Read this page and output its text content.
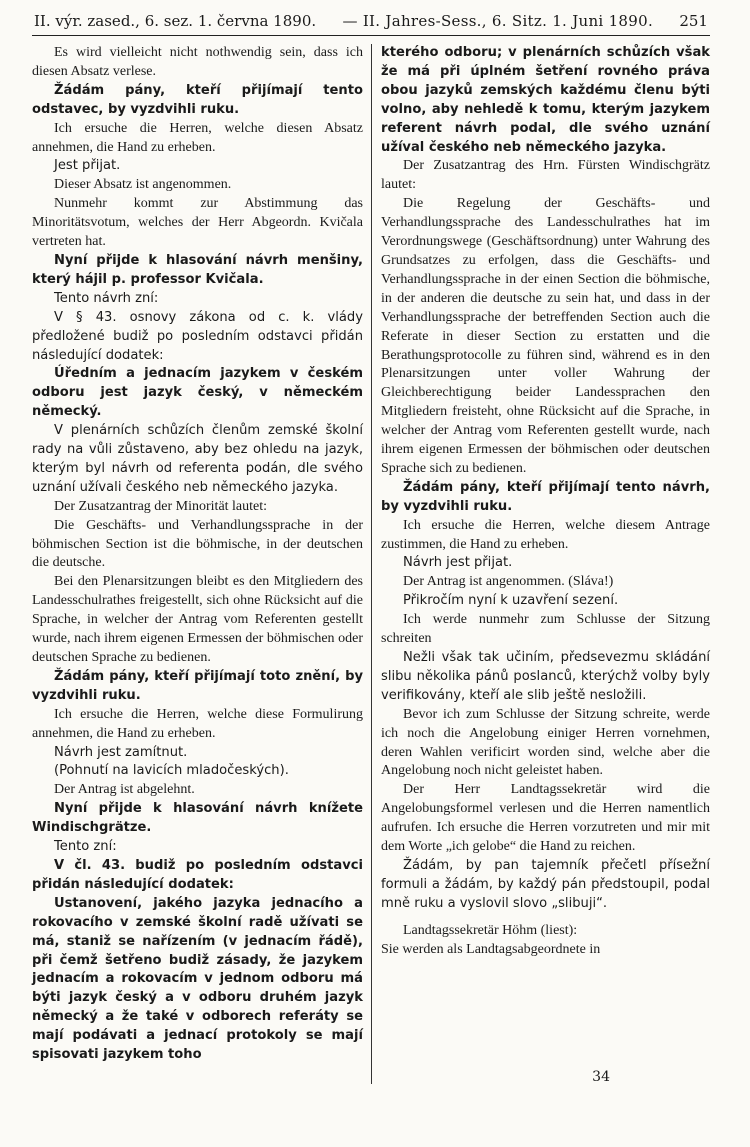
II. výr. zased., 6. sez. 1. června 1890. — II. Jahres-Sess., 6. Sitz. 1. Juni 1890. 251

Es wird vielleicht nicht nothwendig sein, dass ich diesen Absatz verlese.

Žádám pány, kteří přijímají tento odstavec, by vyzdvihli ruku.

Ich ersuche die Herren, welche diesen Absatz annehmen, die Hand zu erheben.

Jest přijat.

Dieser Absatz ist angenommen.

Nunmehr kommt zur Abstimmung das Minoritätsvotum, welches der Herr Abgeordn. Kvičala vertreten hat.

Nyní přijde k hlasování návrh menšiny, který hájil p. professor Kvičala.

Tento návrh zní:

V § 43. osnovy zákona od c. k. vlády předložené budiž po posledním odstavci přidán následující dodatek:

Úředním a jednacím jazykem v českém odboru jest jazyk český, v německém německý.

V plenárních schůzích členům zemské školní rady na vůli zůstaveno, aby bez ohledu na jazyk, kterým byl návrh od referenta podán, dle svého uznání užívali českého neb německého jazyka.

Der Zusatzantrag der Minorität lautet:

Die Geschäfts- und Verhandlungssprache in der böhmischen Section ist die böhmische, in der deutschen die deutsche.

Bei den Plenarsitzungen bleibt es den Mitgliedern des Landesschulrathes freigestellt, sich ohne Rücksicht auf die Sprache, in welcher der Antrag vom Referenten gestellt wurde, nach ihrem eigenen Ermessen der böhmischen oder deutschen Sprache zu bedienen.

Žádám pány, kteří přijímají toto znění, by vyzdvihli ruku.

Ich ersuche die Herren, welche diese Formulirung annehmen, die Hand zu erheben.

Návrh jest zamítnut.

(Pohnutí na lavicích mladočeských).

Der Antrag ist abgelehnt.

Nyní přijde k hlasování návrh knížete Windischgrätze.

Tento zní:

V čl. 43. budiž po posledním odstavci přidán následující dodatek:

Ustanovení, jakého jazyka jednacího a rokovacího v zemské školní radě užívati se má, staniž se nařízením (v jednacím řádě), při čemž šetřeno budiž zásady, že jazykem jednacím a rokovacím v jednom odboru má býti jazyk český a v odboru druhém jazyk německý a že také v odborech referáty se mají podávati a jednací protokoly se mají spisovati jazykem toho

kterého odboru; v plenárních schůzích však že má při úplném šetření rovného práva obou jazyků zemských každému členu býti volno, aby nehledě k tomu, kterým jazykem referent návrh podal, dle svého uznání užíval českého neb německého jazyka.

Der Zusatzantrag des Hrn. Fürsten Windischgrätz lautet:

Die Regelung der Geschäfts- und Verhandlungssprache des Landesschulrathes hat im Verordnungswege (Geschäftsordnung) unter Wahrung des Grundsatzes zu erfolgen, dass die Geschäfts- und Verhandlungssprache in der einen Section die böhmische, in der anderen die deutsche zu sein hat, und dass in der Verhandlungssprache der betreffenden Section auch die Referate in dieser Section zu erstatten und die Berathungsprotocolle zu führen sind, während es in den Plenarsitzungen unter voller Wahrung der Gleichberechtigung beider Landessprachen den Mitgliedern freisteht, ohne Rücksicht auf die Sprache, in welcher der Antrag vom Referenten gestellt wurde, nach ihrem eigenen Ermessen der böhmischen oder deutschen Sprache sich zu bedienen.

Žádám pány, kteří přijímají tento návrh, by vyzdvihli ruku.

Ich ersuche die Herren, welche diesem Antrage zustimmen, die Hand zu erheben.

Návrh jest přijat.

Der Antrag ist angenommen. (Sláva!)

Přikročím nyní k uzavření sezení.

Ich werde nunmehr zum Schlusse der Sitzung schreiten

Nežli však tak učiním, předsevezmu skládání slibu několika pánů poslanců, kterýchž volby byly verifikovány, kteří ale slib ještě nesložili.

Bevor ich zum Schlusse der Sitzung schreite, werde ich noch die Angelobung einiger Herren vornehmen, deren Wahlen verificirt worden sind, welche aber die Angelobung noch nicht geleistet haben.

Der Herr Landtagssekretär wird die Angelobungsformel verlesen und die Herren namentlich aufrufen. Ich ersuche die Herren vorzutreten und mir mit dem Worte „ich gelobe“ die Hand zu reichen.

Žádám, by pan tajemník přečetl přísežní formuli a žádám, by každý pán předstoupil, podal mně ruku a vyslovil slovo „slibuji“.

Landtagssekretär Höhm (liest):

Sie werden als Landtagsabgeordnete in

34
